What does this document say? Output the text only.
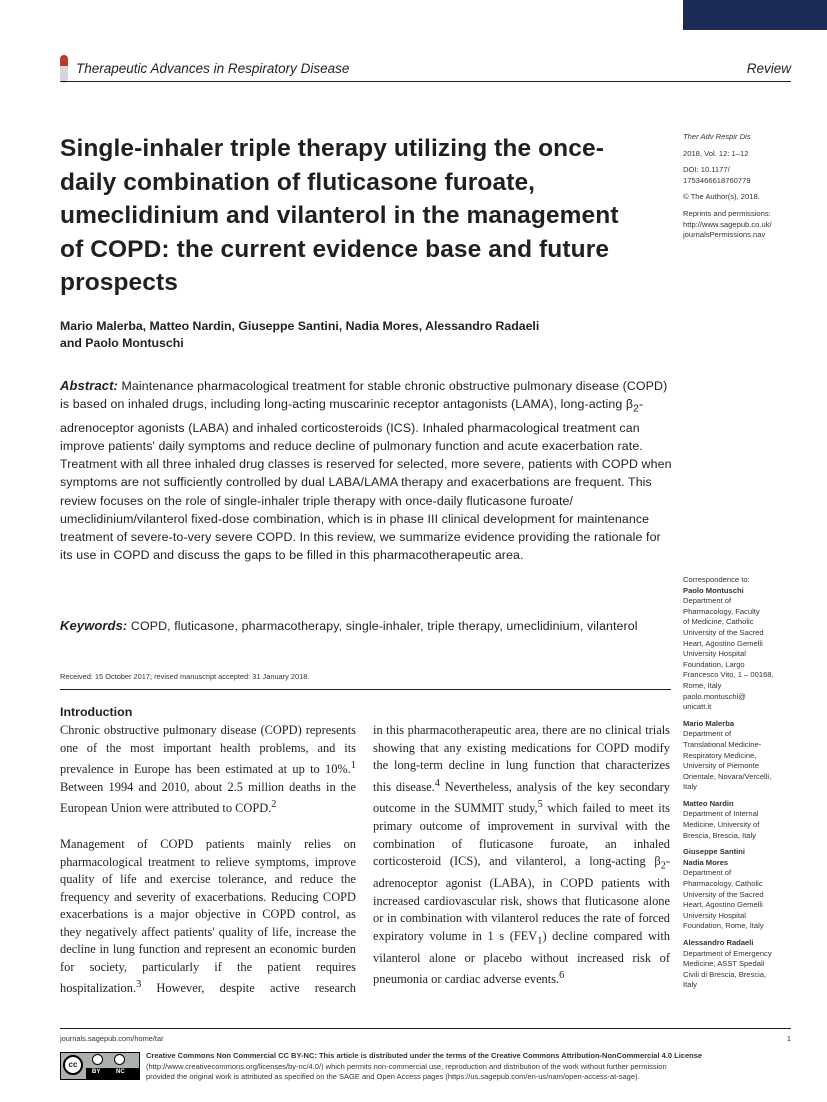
Therapeutic Advances in Respiratory Disease	Review
Single-inhaler triple therapy utilizing the once-daily combination of fluticasone furoate, umeclidinium and vilanterol in the management of COPD: the current evidence base and future prospects
Mario Malerba, Matteo Nardin, Giuseppe Santini, Nadia Mores, Alessandro Radaeli
and Paolo Montuschi
Abstract: Maintenance pharmacological treatment for stable chronic obstructive pulmonary disease (COPD) is based on inhaled drugs, including long-acting muscarinic receptor antagonists (LAMA), long-acting $\beta_2$-adrenoceptor agonists (LABA) and inhaled corticosteroids (ICS). Inhaled pharmacological treatment can improve patients' daily symptoms and reduce decline of pulmonary function and acute exacerbation rate. Treatment with all three inhaled drug classes is reserved for selected, more severe, patients with COPD when symptoms are not sufficiently controlled by dual LABA/LAMA therapy and exacerbations are frequent. This review focuses on the role of single-inhaler triple therapy with once-daily fluticasone furoate/ umeclidinium/vilanterol fixed-dose combination, which is in phase III clinical development for maintenance treatment of severe-to-very severe COPD. In this review, we summarize evidence providing the rationale for its use in COPD and discuss the gaps to be filled in this pharmacotherapeutic area.
Keywords: COPD, fluticasone, pharmacotherapy, single-inhaler, triple therapy, umeclidinium, vilanterol
Received: 15 October 2017; revised manuscript accepted: 31 January 2018.
Introduction

Chronic obstructive pulmonary disease (COPD) represents one of the most important health problems, and its prevalence in Europe has been estimated at up to 10%.$^1$ Between 1994 and 2010, about 2.5 million deaths in the European Union were attributed to COPD.$^2$

Management of COPD patients mainly relies on pharmacological treatment to relieve symptoms, improve quality of life and exercise tolerance, and reduce the frequency and severity of exacerbations. Reducing COPD exacerbations is a major objective in COPD control, as they negatively affect patients' quality of life, increase the decline in lung function and represent an economic burden for society, particularly if the patient requires hospitalization.$^3$ However, despite active research

in this pharmacotherapeutic area, there are no clinical trials showing that any existing medications for COPD modify the long-term decline in lung function that characterizes this disease.$^4$ Nevertheless, analysis of the key secondary outcome in the SUMMIT study,$^5$ which failed to meet its primary outcome of improvement in survival with the combination of fluticasone furoate, an inhaled corticosteroid (ICS), and vilanterol, a long-acting $\beta_2$-adrenoceptor agonist (LABA), in COPD patients with increased cardiovascular risk, shows that fluticasone alone or in combination with vilanterol reduces the rate of forced expiratory volume in 1 s $(FEV_1)$ decline compared with vilanterol alone or placebo without increased risk of pneumonia or cardiac adverse events.$^6$

Ther Adv Respir Dis

2018, Vol. 12: 1–12

DOI: 10.1177/

1753466618760779

© The Author(s), 2018.

Reprints and permissions:

http://www.sagepub.co.uk/

journalsPermissions.nav

Correspondence to:

Paolo Montuschi

Department of

Pharmacology, Faculty

of Medicine, Catholic

University of the Sacred

Heart, Agostino Gemelli

University Hospital

Foundation, Largo

Francesco Vito, 1 – 00168,

Rome, Italy

paolo.montuschi@

unicatt.it

Mario Malerba

Department of

Translational Medicine-

Respiratory Medicine,

University of Piemonte

Orientale, Novara/Vercelli,

Italy

Matteo Nardin

Department of Internal

Medicine, University of

Brescia, Brescia, Italy

Giuseppe Santini

Nadia Mores

Department of

Pharmacology, Catholic

University of the Sacred

Heart, Agostino Gemelli

University Hospital

Foundation, Rome, Italy

Alessandro Radaeli

Department of Emergency

Medicine, ASST Spedali

Civili di Brescia, Brescia,

Italy

journals.sagepub.com/home/tar	1
cc
BY	NC
Creative Commons Non Commercial CC BY-NC: This article is distributed under the terms of the Creative Commons Attribution-NonCommercial 4.0 License
(http://www.creativecommons.org/licenses/by-nc/4.0/) which permits non-commercial use, reproduction and distribution of the work without further permission
provided the original work is attributed as specified on the SAGE and Open Access pages (https://us.sagepub.com/en-us/nam/open-access-at-sage).
